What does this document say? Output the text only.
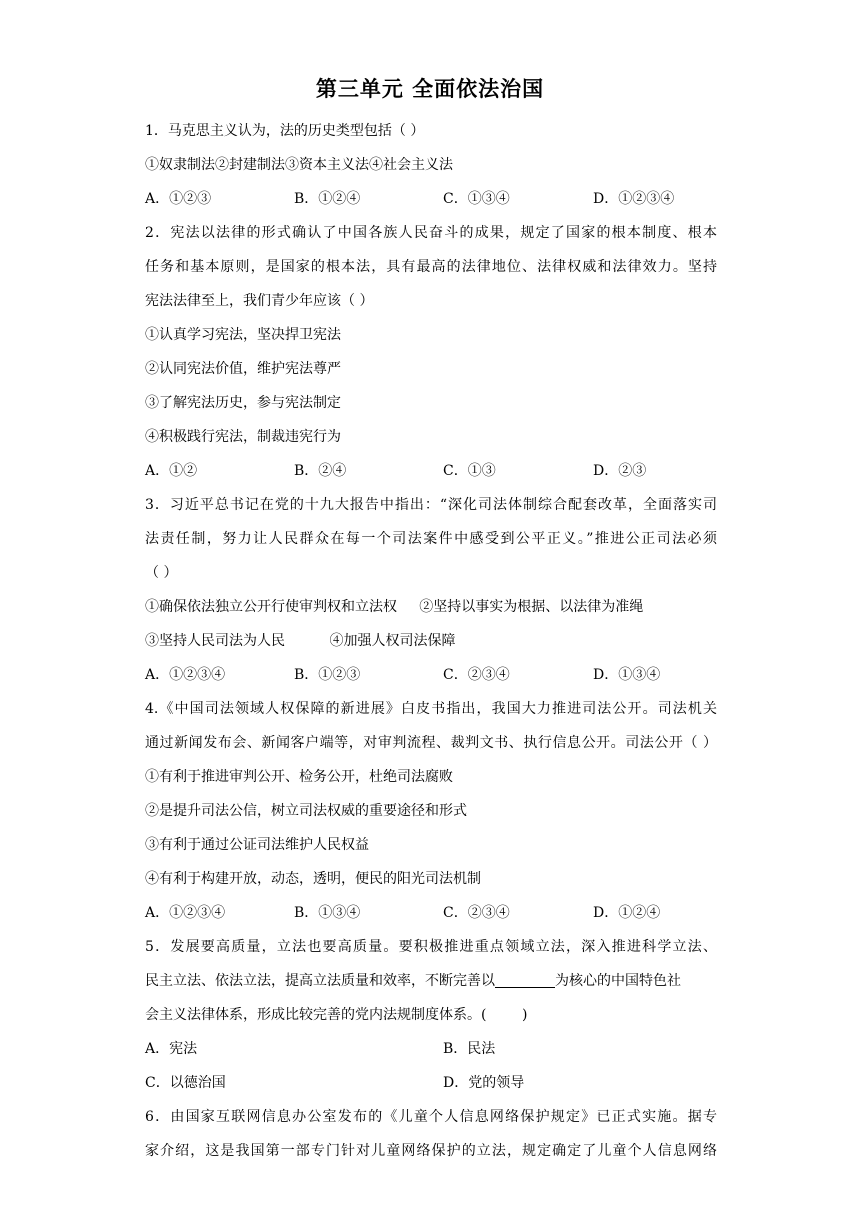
第三单元 全面依法治国
1．马克思主义认为，法的历史类型包括（ ）
①奴隶制法②封建制法③资本主义法④社会主义法
A．①②③	B．①②④	C．①③④	D．①②③④
2．宪法以法律的形式确认了中国各族人民奋斗的成果，规定了国家的根本制度、根本
任务和基本原则，是国家的根本法，具有最高的法律地位、法律权威和法律效力。坚持
宪法法律至上，我们青少年应该（ ）
①认真学习宪法，坚决捍卫宪法
②认同宪法价值，维护宪法尊严
③了解宪法历史，参与宪法制定
④积极践行宪法，制裁违宪行为
A．①②	B．②④	C．①③	D．②③
3．习近平总书记在党的十九大报告中指出：“深化司法体制综合配套改革，全面落实司
法责任制，努力让人民群众在每一个司法案件中感受到公平正义。”推进公正司法必须
（ ）
①确保依法独立公开行使审判权和立法权     ②坚持以事实为根据、以法律为准绳
③坚持人民司法为人民          ④加强人权司法保障
A．①②③④	B．①②③	C．②③④	D．①③④
4.《中国司法领域人权保障的新进展》白皮书指出，我国大力推进司法公开。司法机关
通过新闻发布会、新闻客户端等，对审判流程、裁判文书、执行信息公开。司法公开（ ）
①有利于推进审判公开、检务公开，杜绝司法腐败
②是提升司法公信，树立司法权威的重要途径和形式
③有利于通过公证司法维护人民权益
④有利于构建开放，动态，透明，便民的阳光司法机制
A．①②③④	B．①③④	C．②③④	D．①②④
5．发展要高质量，立法也要高质量。要积极推进重点领域立法，深入推进科学立法、
民主立法、依法立法，提高立法质量和效率，不断完善以	为核心的中国特色社
会主义法律体系，形成比较完善的党内法规制度体系。(        )
A．宪法	B．民法
C．以德治国	D．党的领导
6．由国家互联网信息办公室发布的《儿童个人信息网络保护规定》已正式实施。据专
家介绍，这是我国第一部专门针对儿童网络保护的立法，规定确定了儿童个人信息网络
